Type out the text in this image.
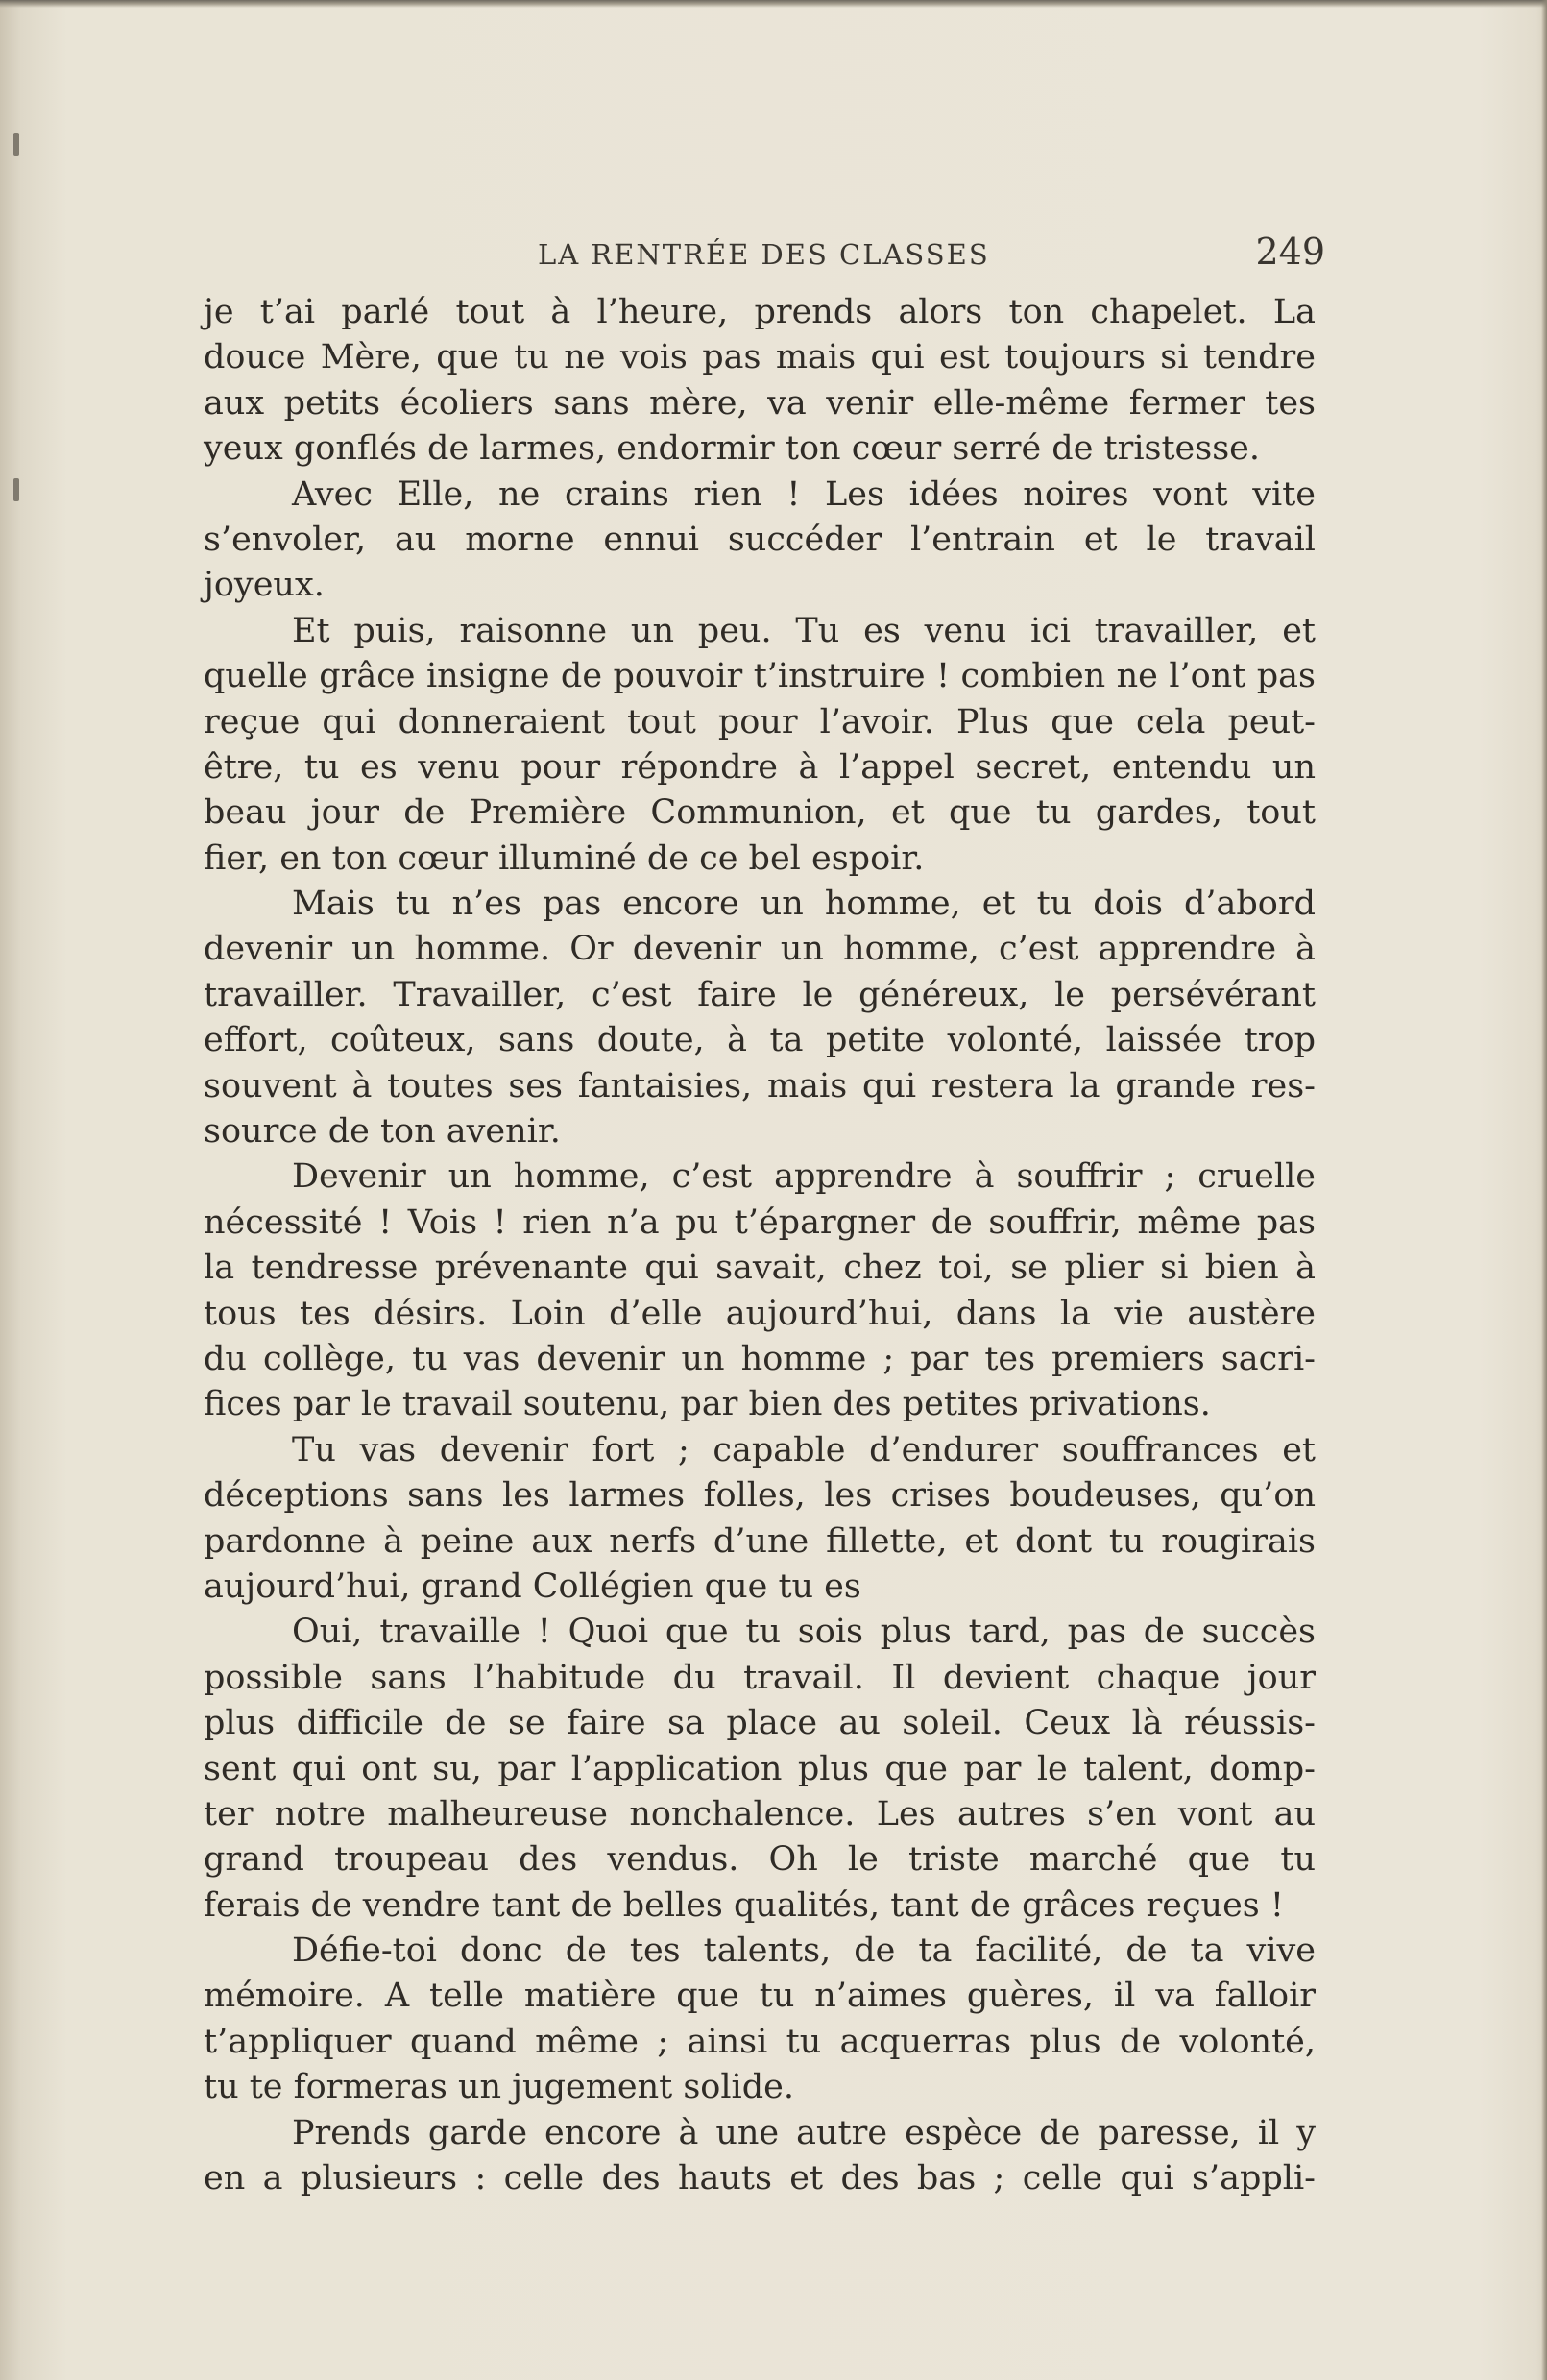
LA RENTRÉE DES CLASSES	249
je t’ai parlé tout à l’heure, prends alors ton chapelet. La
douce Mère, que tu ne vois pas mais qui est toujours si tendre
aux petits écoliers sans mère, va venir elle-même fermer tes
yeux gonflés de larmes, endormir ton cœur serré de tristesse.
Avec Elle, ne crains rien ! Les idées noires vont vite
s’envoler, au morne ennui succéder l’entrain et le travail
joyeux.
Et puis, raisonne un peu. Tu es venu ici travailler, et
quelle grâce insigne de pouvoir t’instruire ! combien ne l’ont pas
reçue qui donneraient tout pour l’avoir. Plus que cela peut-
être, tu es venu pour répondre à l’appel secret, entendu un
beau jour de Première Communion, et que tu gardes, tout
fier, en ton cœur illuminé de ce bel espoir.
Mais tu n’es pas encore un homme, et tu dois d’abord
devenir un homme. Or devenir un homme, c’est apprendre à
travailler. Travailler, c’est faire le généreux, le persévérant
effort, coûteux, sans doute, à ta petite volonté, laissée trop
souvent à toutes ses fantaisies, mais qui restera la grande res-
source de ton avenir.
Devenir un homme, c’est apprendre à souffrir ; cruelle
nécessité ! Vois ! rien n’a pu t’épargner de souffrir, même pas
la tendresse prévenante qui savait, chez toi, se plier si bien à
tous tes désirs. Loin d’elle aujourd’hui, dans la vie austère
du collège, tu vas devenir un homme ; par tes premiers sacri-
fices par le travail soutenu, par bien des petites privations.
Tu vas devenir fort ; capable d’endurer souffrances et
déceptions sans les larmes folles, les crises boudeuses, qu’on
pardonne à peine aux nerfs d’une fillette, et dont tu rougirais
aujourd’hui, grand Collégien que tu es
Oui, travaille ! Quoi que tu sois plus tard, pas de succès
possible sans l’habitude du travail. Il devient chaque jour
plus difficile de se faire sa place au soleil. Ceux là réussis-
sent qui ont su, par l’application plus que par le talent, domp-
ter notre malheureuse nonchalence. Les autres s’en vont au
grand troupeau des vendus. Oh le triste marché que tu
ferais de vendre tant de belles qualités, tant de grâces reçues !
Défie-toi donc de tes talents, de ta facilité, de ta vive
mémoire. A telle matière que tu n’aimes guères, il va falloir
t’appliquer quand même ; ainsi tu acquerras plus de volonté,
tu te formeras un jugement solide.
Prends garde encore à une autre espèce de paresse, il y
en a plusieurs : celle des hauts et des bas ; celle qui s’appli-
